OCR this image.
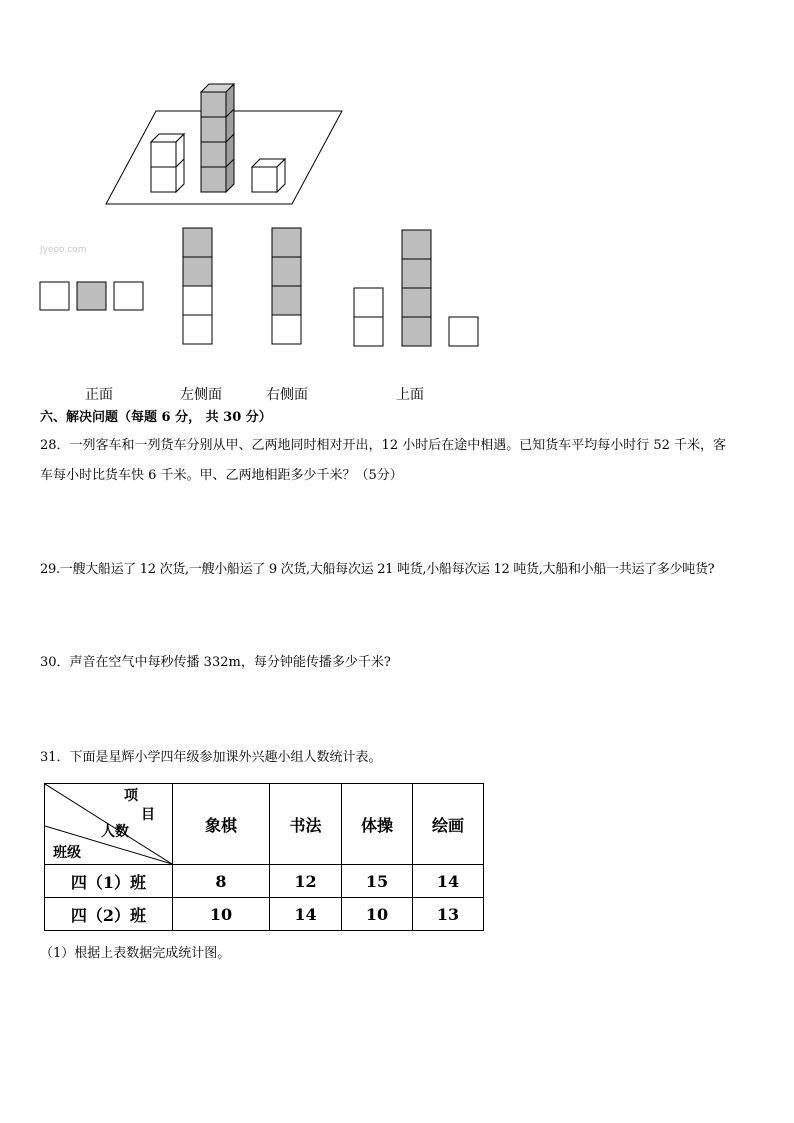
Jyeoo.com
正面	左侧面	右侧面	上面
六、解决问题（每题 6 分， 共 30 分）
28．一列客车和一列货车分别从甲、乙两地同时相对开出，12 小时后在途中相遇。已知货车平均每小时行 52 千米，客
车每小时比货车快 6 千米。甲、乙两地相距多少千米？（5分）
29.一艘大船运了 12 次货,一艘小船运了 9 次货,大船每次运 21 吨货,小船每次运 12 吨货,大船和小船一共运了多少吨货?
30．声音在空气中每秒传播 332m，每分钟能传播多少千米?
31．下面是星辉小学四年级参加课外兴趣小组人数统计表。
项
目
人数
班级	象棋	书法	体操	绘画
四（1）班	8	12	15	14
四（2）班	10	14	10	13
（1）根据上表数据完成统计图。
